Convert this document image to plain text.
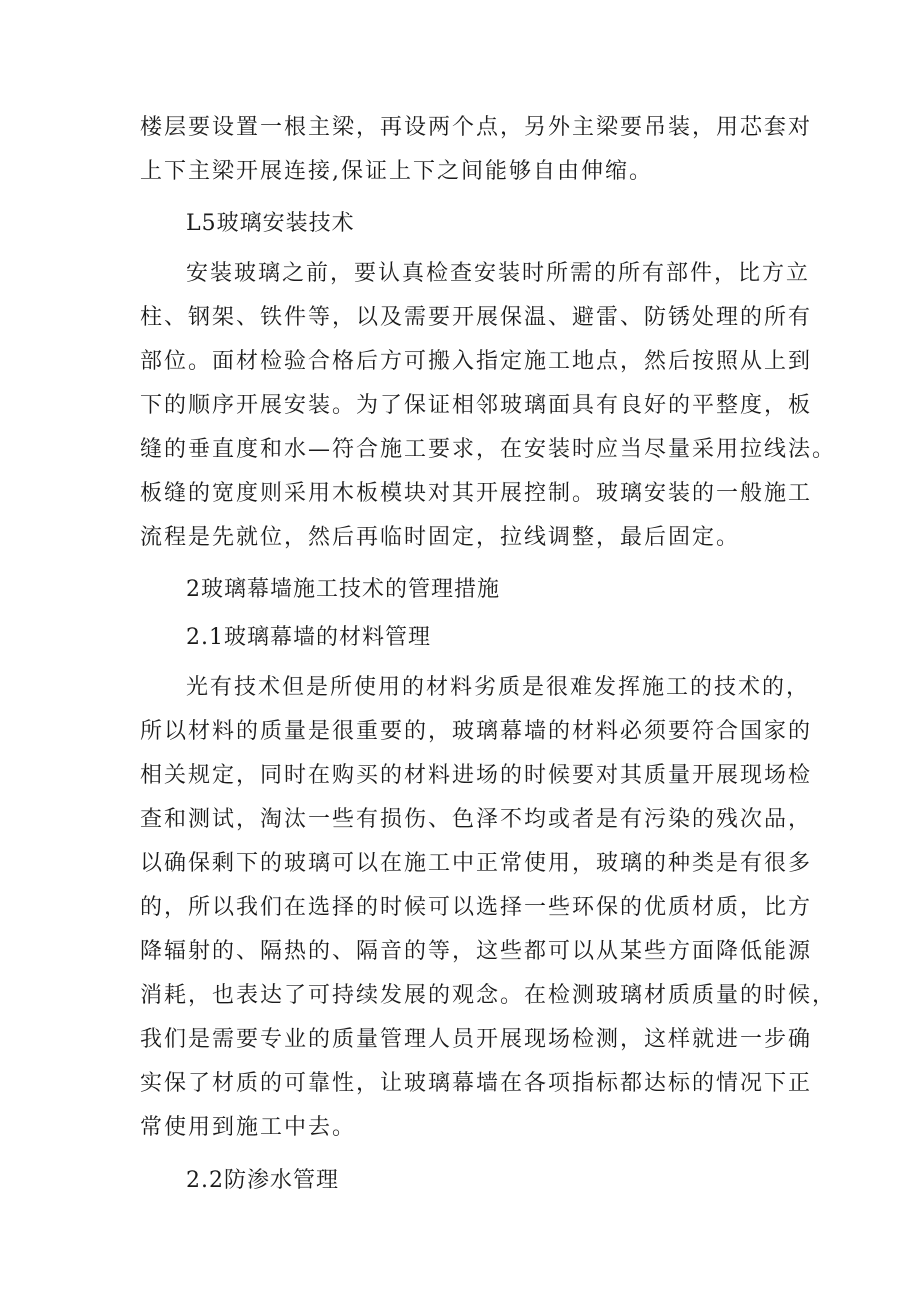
楼层要设置一根主梁，再设两个点，另外主梁要吊装，用芯套对
上下主梁开展连接,保证上下之间能够自由伸缩。
L5玻璃安装技术
安装玻璃之前，要认真检查安装时所需的所有部件，比方立
柱、钢架、铁件等，以及需要开展保温、避雷、防锈处理的所有
部位。面材检验合格后方可搬入指定施工地点，然后按照从上到
下的顺序开展安装。为了保证相邻玻璃面具有良好的平整度，板
缝的垂直度和水—符合施工要求，在安装时应当尽量采用拉线法。
板缝的宽度则采用木板模块对其开展控制。玻璃安装的一般施工
流程是先就位，然后再临时固定，拉线调整，最后固定。
2玻璃幕墙施工技术的管理措施
2.1玻璃幕墙的材料管理
光有技术但是所使用的材料劣质是很难发挥施工的技术的，
所以材料的质量是很重要的，玻璃幕墙的材料必须要符合国家的
相关规定，同时在购买的材料进场的时候要对其质量开展现场检
查和测试，淘汰一些有损伤、色泽不均或者是有污染的残次品，
以确保剩下的玻璃可以在施工中正常使用，玻璃的种类是有很多
的，所以我们在选择的时候可以选择一些环保的优质材质，比方
降辐射的、隔热的、隔音的等，这些都可以从某些方面降低能源
消耗，也表达了可持续发展的观念。在检测玻璃材质质量的时候，
我们是需要专业的质量管理人员开展现场检测，这样就进一步确
实保了材质的可靠性，让玻璃幕墙在各项指标都达标的情况下正
常使用到施工中去。
2.2防渗水管理
